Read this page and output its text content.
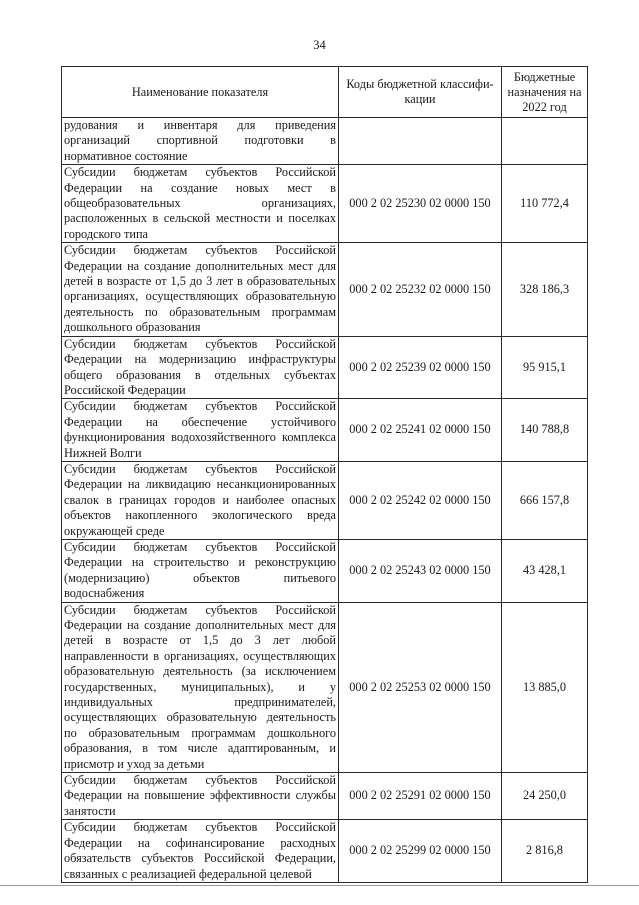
34
Наименование показателя	Коды бюджетной классифи-кации	Бюджетные назначения на 2022 год
рудования и инвентаря для приведения организаций спортивной подготовки в нормативное состояние		
Субсидии бюджетам субъектов Российской Федерации на создание новых мест в общеобразовательных организациях, расположенных в сельской местности и поселках городского типа	000 2 02 25230 02 0000 150	110 772,4
Субсидии бюджетам субъектов Российской Федерации на создание дополнительных мест для детей в возрасте от 1,5 до 3 лет в образовательных организациях, осуществляющих образовательную деятельность по образовательным программам дошкольного образования	000 2 02 25232 02 0000 150	328 186,3
Субсидии бюджетам субъектов Российской Федерации на модернизацию инфраструктуры общего образования в отдельных субъектах Российской Федерации	000 2 02 25239 02 0000 150	95 915,1
Субсидии бюджетам субъектов Российской Федерации на обеспечение устойчивого функционирования водохозяйственного комплекса Нижней Волги	000 2 02 25241 02 0000 150	140 788,8
Субсидии бюджетам субъектов Российской Федерации на ликвидацию несанкционированных свалок в границах городов и наиболее опасных объектов накопленного экологического вреда окружающей среде	000 2 02 25242 02 0000 150	666 157,8
Субсидии бюджетам субъектов Российской Федерации на строительство и реконструкцию (модернизацию) объектов питьевого водоснабжения	000 2 02 25243 02 0000 150	43 428,1
Субсидии бюджетам субъектов Российской Федерации на создание дополнительных мест для детей в возрасте от 1,5 до 3 лет любой направленности в организациях, осуществляющих образовательную деятельность (за исключением государственных, муниципальных), и у индивидуальных предпринимателей, осуществляющих образовательную деятельность по образовательным программам дошкольного образования, в том числе адаптированным, и присмотр и уход за детьми	000 2 02 25253 02 0000 150	13 885,0
Субсидии бюджетам субъектов Российской Федерации на повышение эффективности службы занятости	000 2 02 25291 02 0000 150	24 250,0
Субсидии бюджетам субъектов Российской Федерации на софинансирование расходных обязательств субъектов Российской Федерации, связанных с реализацией федеральной целевой	000 2 02 25299 02 0000 150	2 816,8
